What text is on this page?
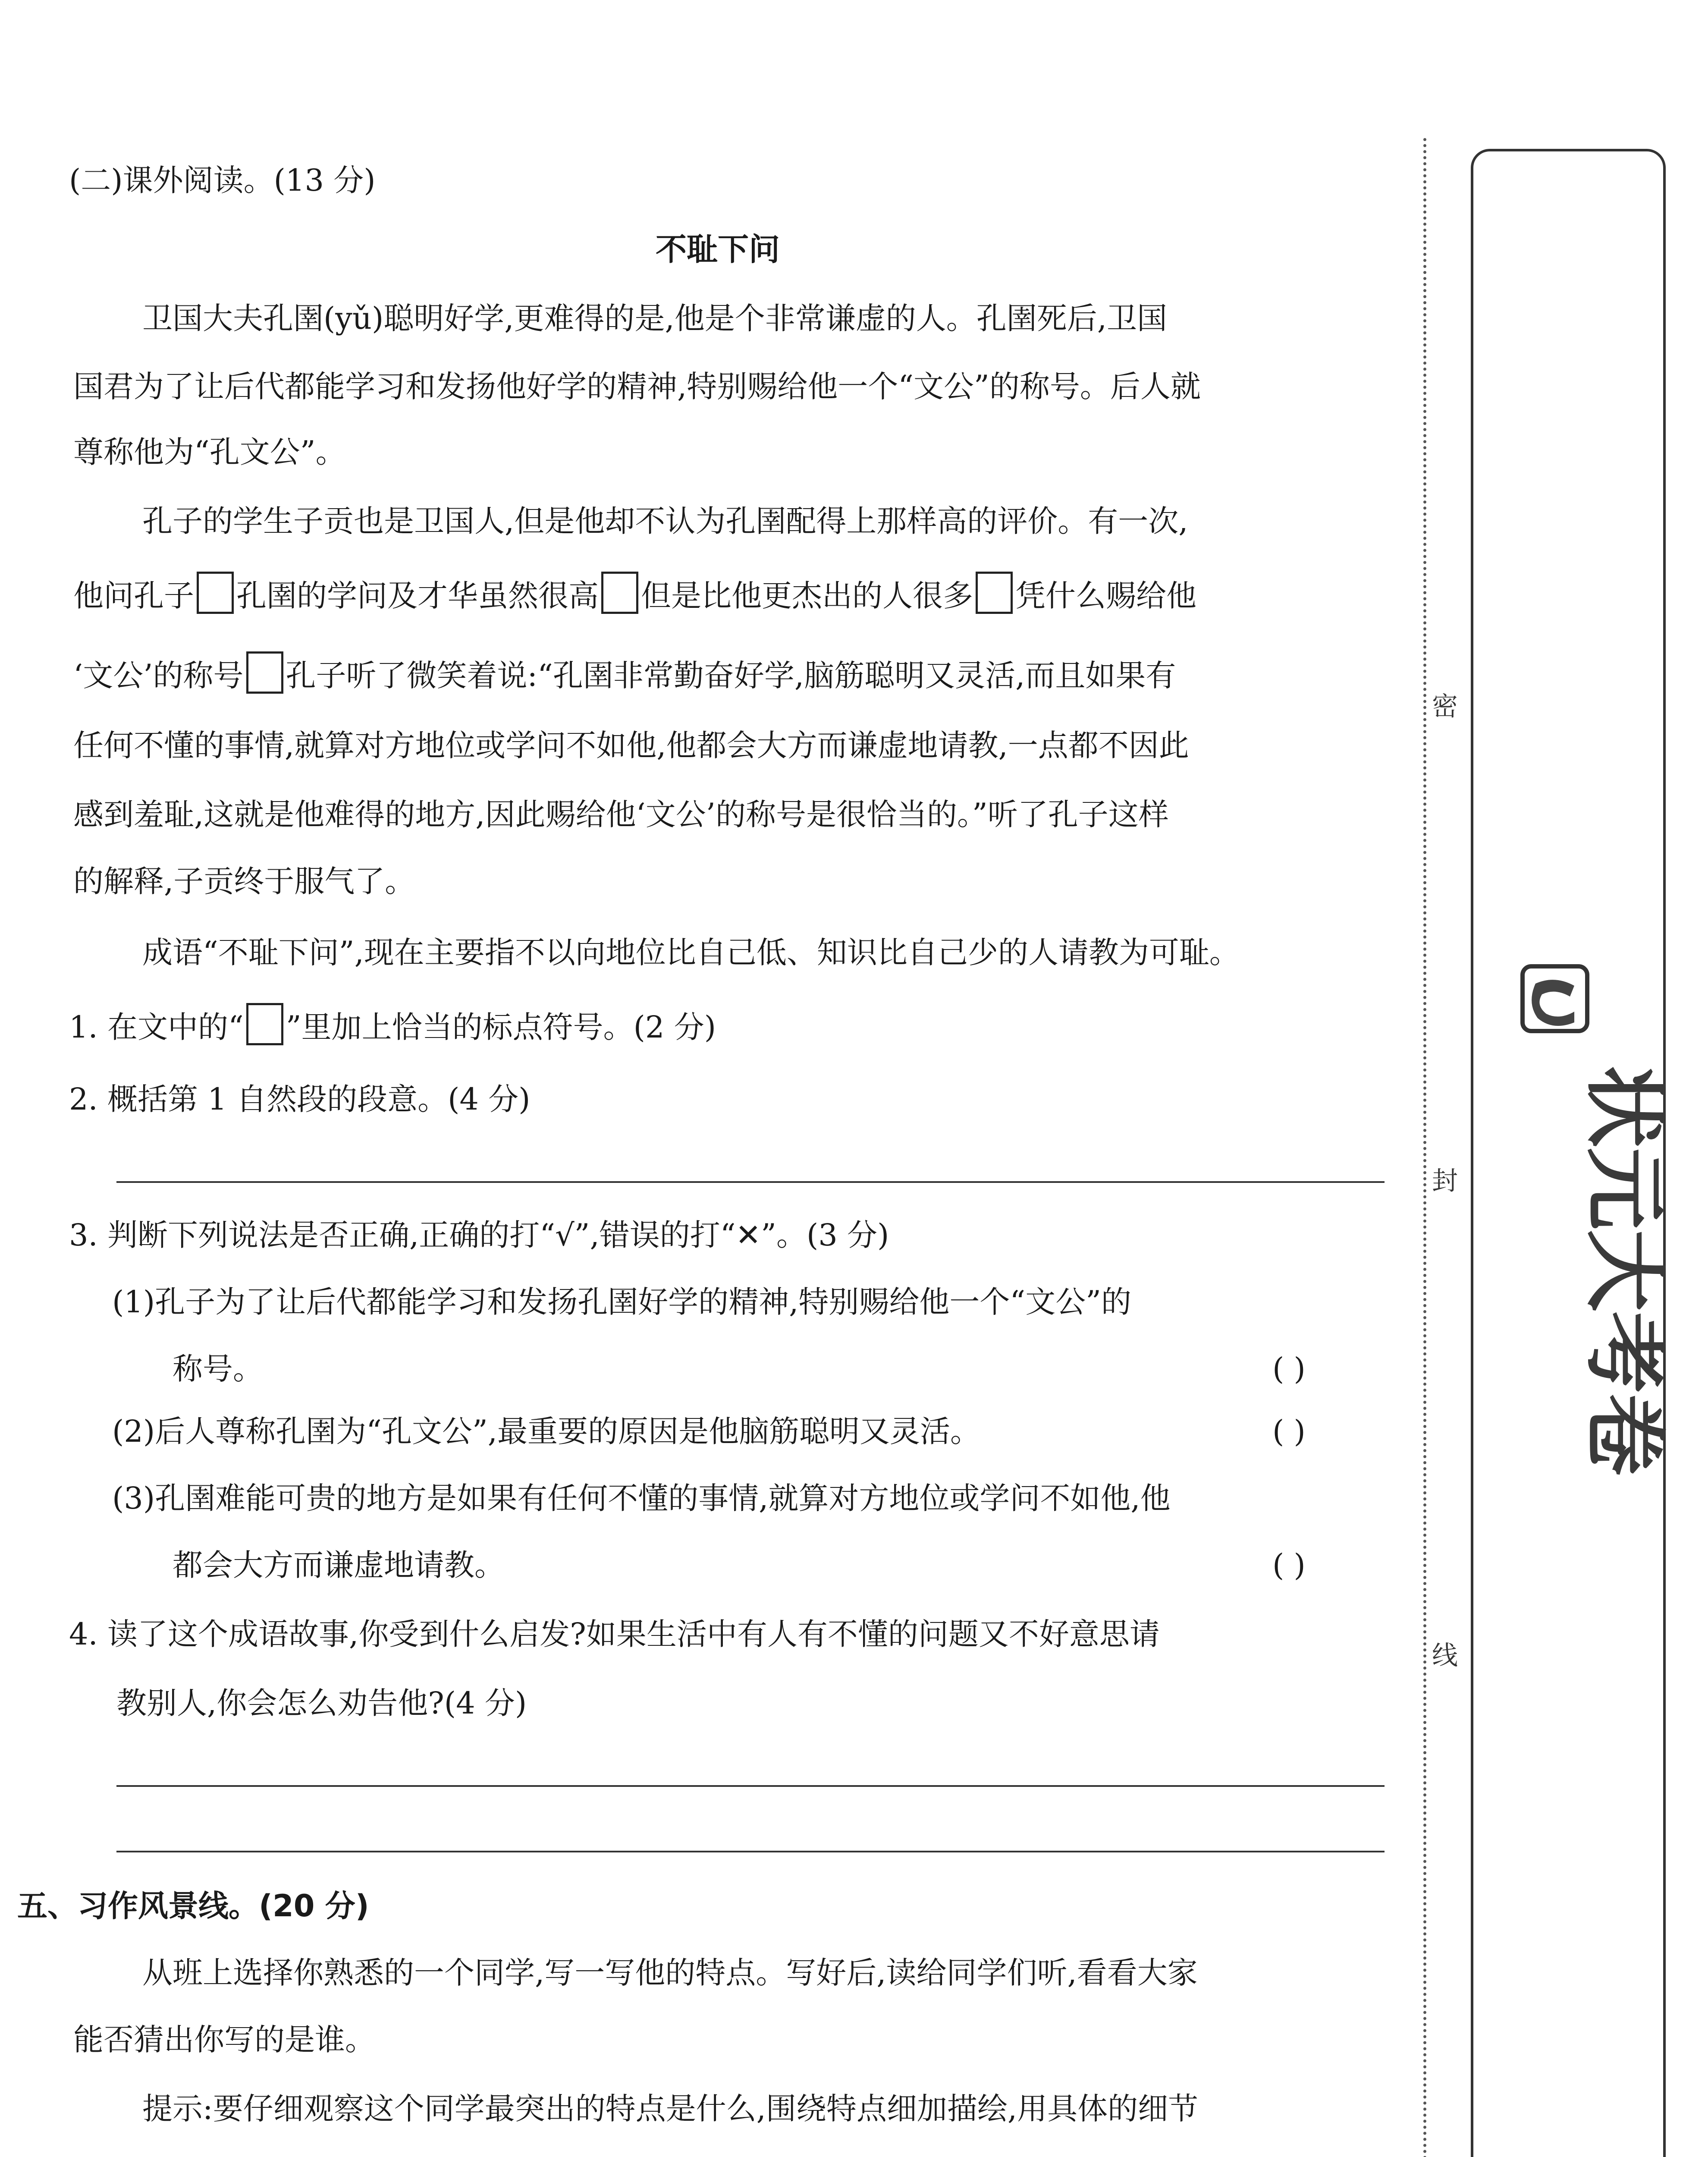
(二)课外阅读。(13 分)
不耻下问
卫国大夫孔圉(yǔ)聪明好学,更难得的是,他是个非常谦虚的人。孔圉死后,卫国
国君为了让后代都能学习和发扬他好学的精神,特别赐给他一个“文公”的称号。后人就
尊称他为“孔文公”。
孔子的学生子贡也是卫国人,但是他却不认为孔圉配得上那样高的评价。有一次,
他问孔子 孔圉的学问及才华虽然很高 但是比他更杰出的人很多 凭什么赐给他
‘文公’的称号 孔子听了微笑着说:“孔圉非常勤奋好学,脑筋聪明又灵活,而且如果有
任何不懂的事情,就算对方地位或学问不如他,他都会大方而谦虚地请教,一点都不因此
感到羞耻,这就是他难得的地方,因此赐给他‘文公’的称号是很恰当的。”听了孔子这样
的解释,子贡终于服气了。
成语“不耻下问”,现在主要指不以向地位比自己低、知识比自己少的人请教为可耻。
1. 在文中的“ ”里加上恰当的标点符号。(2 分)
2. 概括第 1 自然段的段意。(4 分)
3. 判断下列说法是否正确,正确的打“√”,错误的打“✕”。(3 分)
(1)孔子为了让后代都能学习和发扬孔圉好学的精神,特别赐给他一个“文公”的
称号。	( )
(2)后人尊称孔圉为“孔文公”,最重要的原因是他脑筋聪明又灵活。	( )
(3)孔圉难能可贵的地方是如果有任何不懂的事情,就算对方地位或学问不如他,他
都会大方而谦虚地请教。	( )
4. 读了这个成语故事,你受到什么启发?如果生活中有人有不懂的问题又不好意思请
教别人,你会怎么劝告他?(4 分)
五、习作风景线。(20 分)
从班上选择你熟悉的一个同学,写一写他的特点。写好后,读给同学们听,看看大家
能否猜出你写的是谁。
提示:要仔细观察这个同学最突出的特点是什么,围绕特点细加描绘,用具体的细节
密
封
线
状元大考卷
